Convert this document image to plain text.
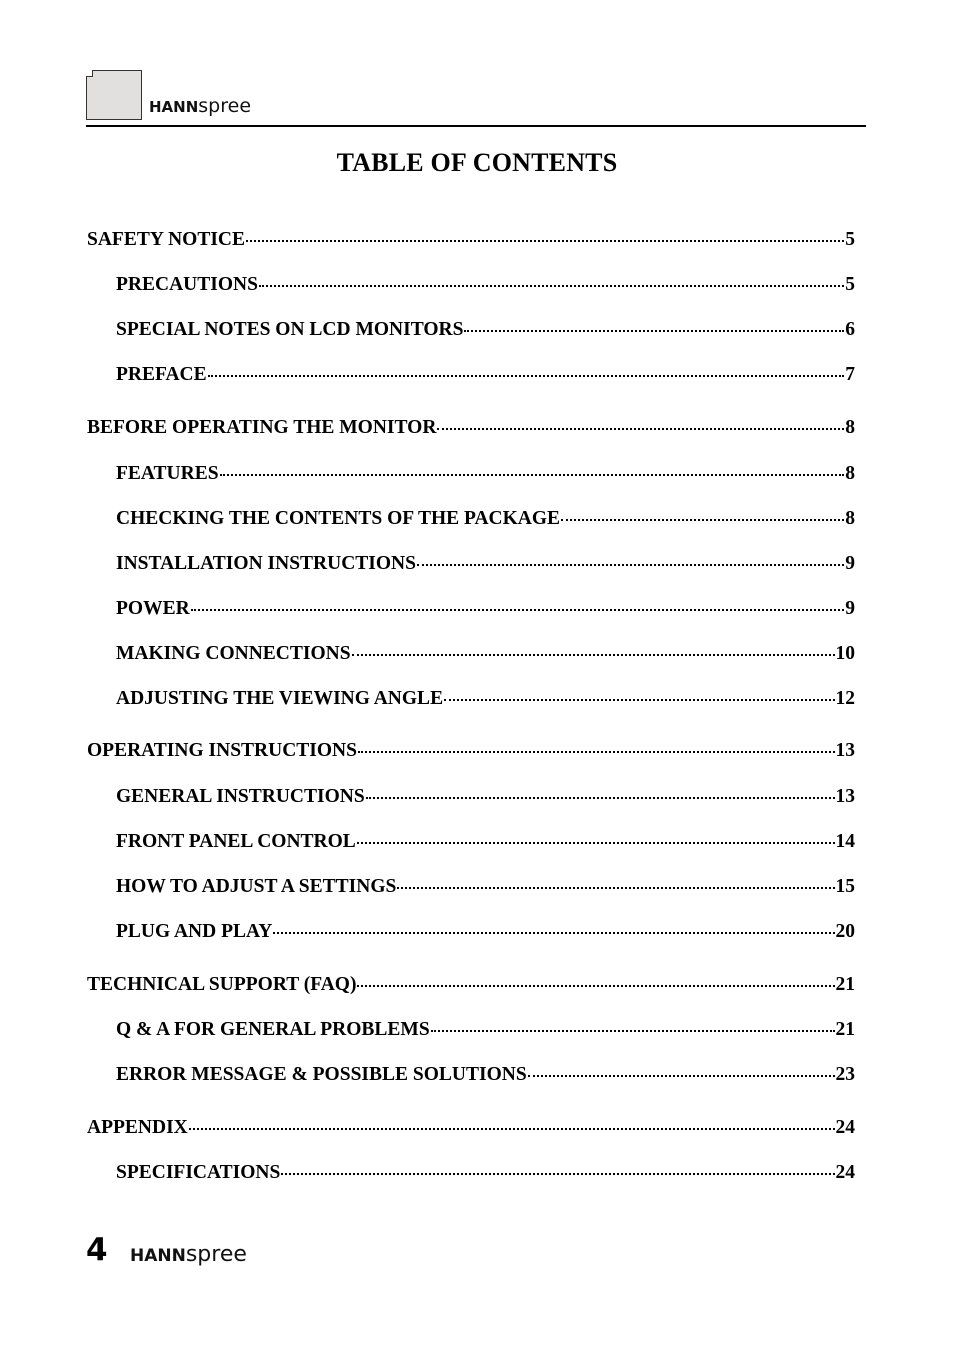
HANNspree
TABLE OF CONTENTS
SAFETY NOTICE	5
PRECAUTIONS	5
SPECIAL NOTES ON LCD MONITORS	6
PREFACE	7
BEFORE OPERATING THE MONITOR	8
FEATURES	8
CHECKING THE CONTENTS OF THE PACKAGE	8
INSTALLATION INSTRUCTIONS	9
POWER	9
MAKING CONNECTIONS	10
ADJUSTING THE VIEWING ANGLE	12
OPERATING INSTRUCTIONS	13
GENERAL INSTRUCTIONS	13
FRONT PANEL CONTROL	14
HOW TO ADJUST A SETTINGS	15
PLUG AND PLAY	20
TECHNICAL SUPPORT (FAQ)	21
Q & A FOR GENERAL PROBLEMS	21
ERROR MESSAGE & POSSIBLE SOLUTIONS	23
APPENDIX	24
SPECIFICATIONS	24
4 HANNspree
